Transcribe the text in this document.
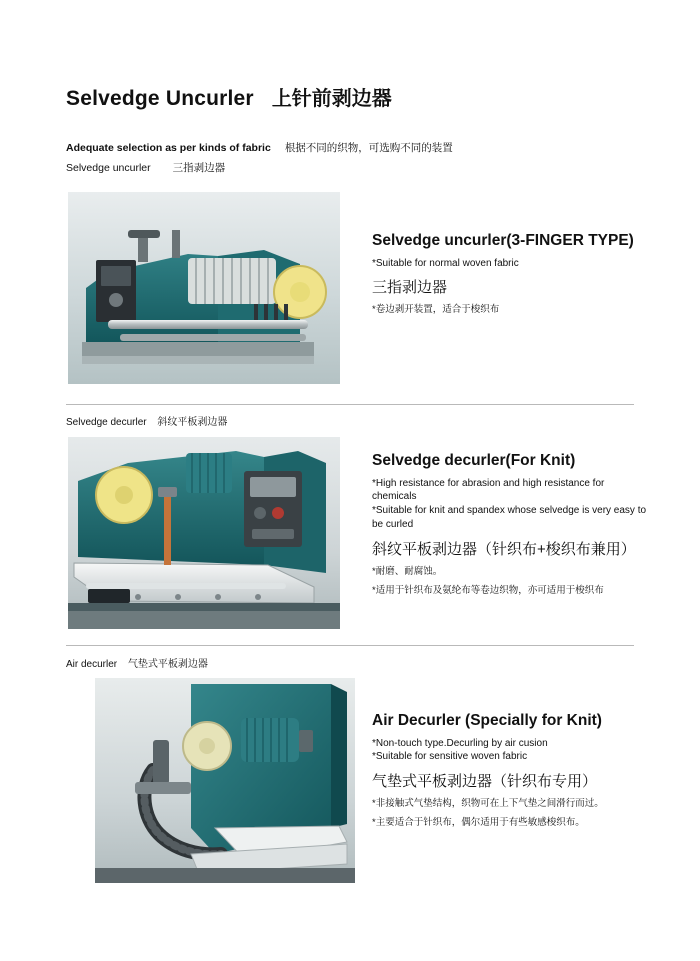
Selvedge Uncurler 上针前剥边器
Adequate selection as per kinds of fabric 根据不同的织物，可选购不同的装置
Selvedge uncurler 三指剥边器
Selvedge uncurler(3-FINGER TYPE)
*Suitable for normal woven fabric
三指剥边器
*卷边剥开装置，适合于梭织布
Selvedge decurler 斜纹平板剥边器
Selvedge decurler(For Knit)
*High resistance for abrasion and high resistance for chemicals
*Suitable for knit and spandex whose selvedge is very easy to
be curled
斜纹平板剥边器（针织布+梭织布兼用）
*耐磨、耐腐蚀。
*适用于针织布及氨纶布等卷边织物，亦可适用于梭织布
Air decurler 气垫式平板剥边器
Air Decurler (Specially for Knit)
*Non-touch type.Decurling by air cusion
*Suitable for sensitive woven fabric
气垫式平板剥边器（针织布专用）
*非接触式气垫结构，织物可在上下气垫之间滑行而过。
*主要适合于针织布，偶尔适用于有些敏感梭织布。
